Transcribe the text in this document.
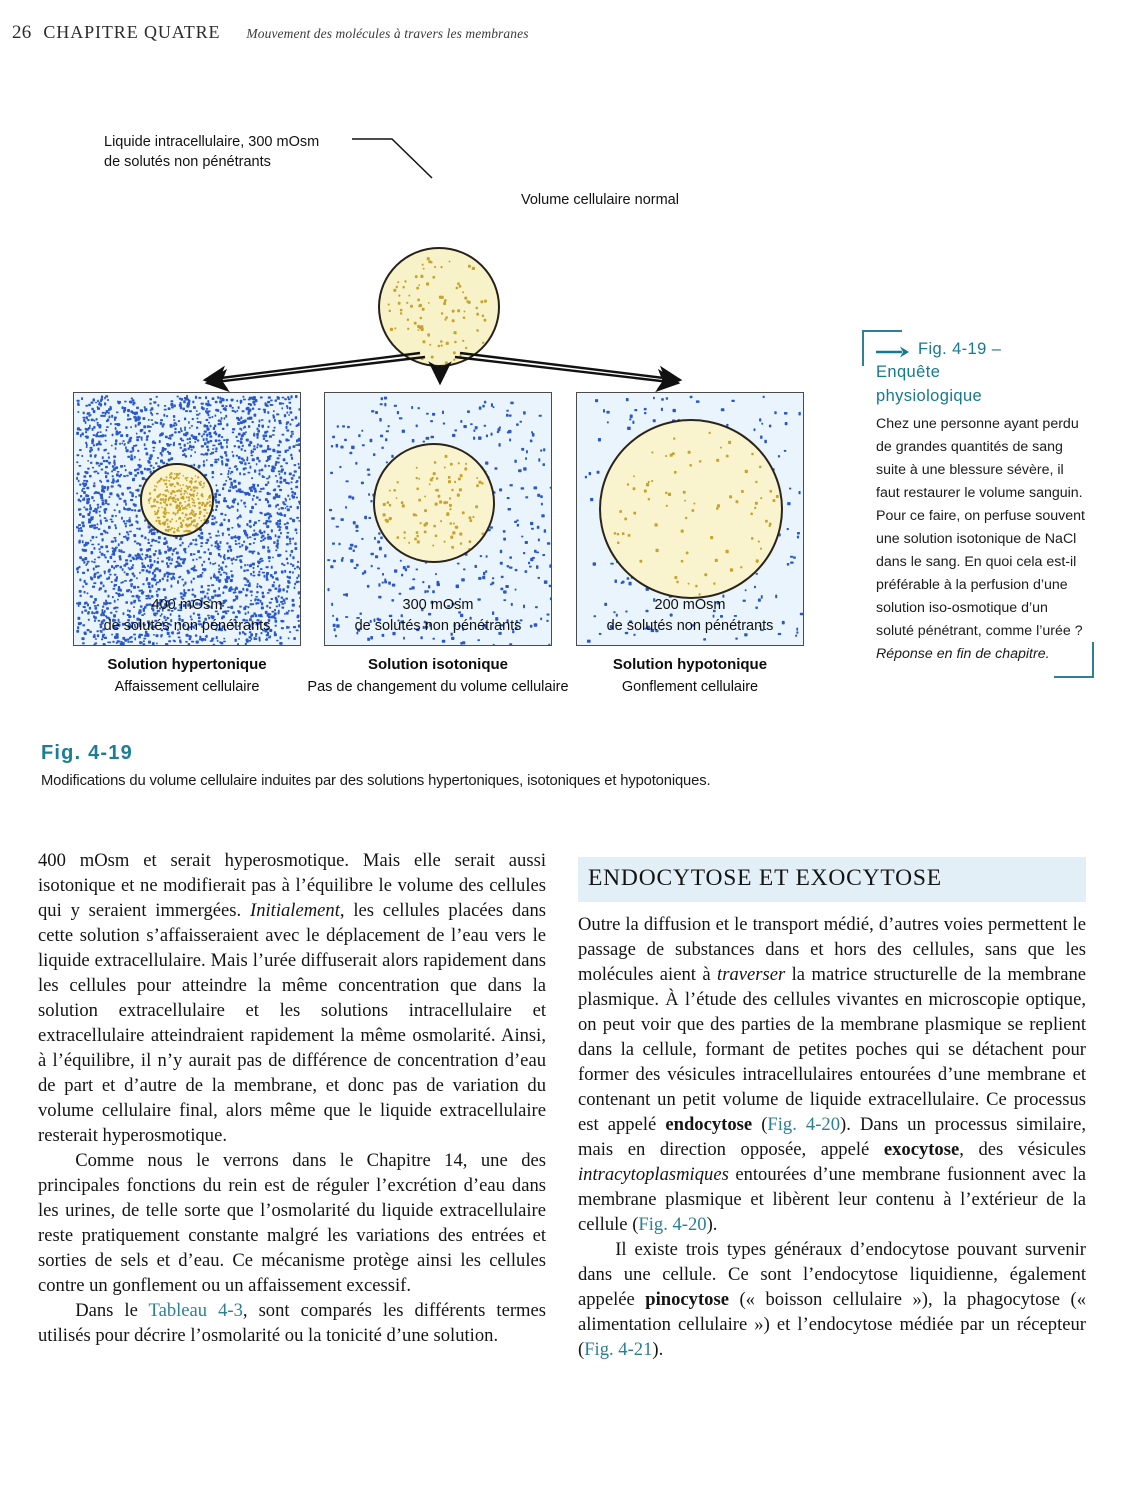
26 CHAPITRE QUATRE Mouvement des molécules à travers les membranes
Liquide intracellulaire, 300 mOsm
de solutés non pénétrants
Volume cellulaire normal
400 mOsm
de solutés non pénétrants
300 mOsm
de solutés non pénétrants
200 mOsm
de solutés non pénétrants
Solution hypertonique
Affaissement cellulaire
Solution isotonique
Pas de changement du volume cellulaire
Solution hypotonique
Gonflement cellulaire
Fig. 4-19 –
Enquête
physiologique
Chez une personne ayant perdu de grandes quantités de sang suite à une blessure sévère, il faut restaurer le volume sanguin. Pour ce faire, on perfuse souvent une solution isotonique de NaCl dans le sang. En quoi cela est-il préférable à la perfusion d’une solution iso-osmotique d’un soluté pénétrant, comme l’urée ?
Réponse en fin de chapitre.
Fig. 4-19
Modifications du volume cellulaire induites par des solutions hypertoniques, isotoniques et hypotoniques.

400 mOsm et serait hyperosmotique. Mais elle serait aussi isotonique et ne modifierait pas à l’équilibre le volume des cellules qui y seraient immergées. Initialement, les cellules placées dans cette solution s’affaisseraient avec le déplacement de l’eau vers le liquide extracellulaire. Mais l’urée diffuserait alors rapidement dans les cellules pour atteindre la même concentration que dans la solution extracellulaire et les solutions intracellulaire et extracellulaire atteindraient rapidement la même osmolarité. Ainsi, à l’équilibre, il n’y aurait pas de différence de concentration d’eau de part et d’autre de la membrane, et donc pas de variation du volume cellulaire final, alors même que le liquide extracellulaire resterait hyperosmotique.

Comme nous le verrons dans le Chapitre 14, une des principales fonctions du rein est de réguler l’excrétion d’eau dans les urines, de telle sorte que l’osmolarité du liquide extracellulaire reste pratiquement constante malgré les variations des entrées et sorties de sels et d’eau. Ce mécanisme protège ainsi les cellules contre un gonflement ou un affaissement excessif.

Dans le Tableau 4-3, sont comparés les différents termes utilisés pour décrire l’osmolarité ou la tonicité d’une solution.

ENDOCYTOSE ET EXOCYTOSE

Outre la diffusion et le transport médié, d’autres voies permettent le passage de substances dans et hors des cellules, sans que les molécules aient à traverser la matrice structurelle de la membrane plasmique. À l’étude des cellules vivantes en microscopie optique, on peut voir que des parties de la membrane plasmique se replient dans la cellule, formant de petites poches qui se détachent pour former des vésicules intracellulaires entourées d’une membrane et contenant un petit volume de liquide extracellulaire. Ce processus est appelé endocytose (Fig. 4-20). Dans un processus similaire, mais en direction opposée, appelé exocytose, des vésicules intracytoplasmiques entourées d’une membrane fusionnent avec la membrane plasmique et libèrent leur contenu à l’extérieur de la cellule (Fig. 4-20).

Il existe trois types généraux d’endocytose pouvant survenir dans une cellule. Ce sont l’endocytose liquidienne, également appelée pinocytose (« boisson cellulaire »), la phagocytose (« alimentation cellulaire ») et l’endocytose médiée par un récepteur (Fig. 4-21).
